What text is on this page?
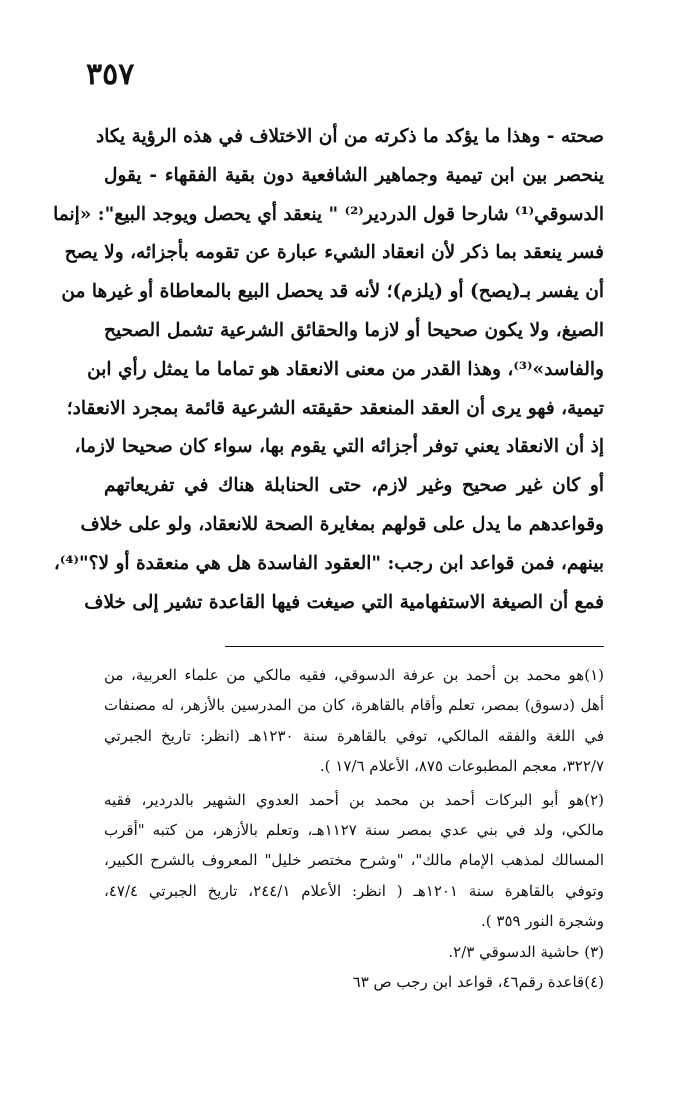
٣٥٧
صحته - وهذا ما يؤكد ما ذكرته من أن الاختلاف في هذه الرؤية يكاد
ينحصر بين ابن تيمية وجماهير الشافعية دون بقية الفقهاء - يقول
الدسوقي⁽¹⁾ شارحا قول الدردير⁽²⁾ " ينعقد أي يحصل ويوجد البيع": «إنما
فسر ينعقد بما ذكر لأن انعقاد الشيء عبارة عن تقومه بأجزائه، ولا يصح
أن يفسر بـ(يصح) أو (يلزم)؛ لأنه قد يحصل البيع بالمعاطاة أو غيرها من
الصيغ، ولا يكون صحيحا أو لازما والحقائق الشرعية تشمل الصحيح
والفاسد»⁽³⁾، وهذا القدر من معنى الانعقاد هو تماما ما يمثل رأي ابن
تيمية، فهو يرى أن العقد المنعقد حقيقته الشرعية قائمة بمجرد الانعقاد؛
إذ أن الانعقاد يعني توفر أجزائه التي يقوم بها، سواء كان صحيحا لازما،
أو كان غير صحيح وغير لازم، حتى الحنابلة هناك في تفريعاتهم
وقواعدهم ما يدل على قولهم بمغايرة الصحة للانعقاد، ولو على خلاف
بينهم، فمن قواعد ابن رجب: "العقود الفاسدة هل هي منعقدة أو لا؟"⁽⁴⁾،
فمع أن الصيغة الاستفهامية التي صيغت فيها القاعدة تشير إلى خلاف
(١)هو محمد بن أحمد بن عرفة الدسوقي، فقيه مالكي من علماء العربية، من
أهل (دسوق) بمصر، تعلم وأقام بالقاهرة، كان من المدرسين بالأزهر، له مصنفات
في اللغة والفقه المالكي، توفي بالقاهرة سنة ١٢٣٠هـ (انظر: تاريخ الجبرتي
٣٢٢/٧، معجم المطبوعات ٨٧٥، الأعلام ١٧/٦ ).
(٢)هو أبو البركات أحمد بن محمد بن أحمد العدوي الشهير بالدردير، فقيه
مالكي، ولد في بني عدي بمصر سنة ١١٢٧هـ، وتعلم بالأزهر، من كتبه "أقرب
المسالك لمذهب الإمام مالك"، "وشرح مختصر خليل" المعروف بالشرح الكبير،
وتوفي بالقاهرة سنة ١٢٠١هـ ( انظر: الأعلام ٢٤٤/١، تاريخ الجبرتي ٤٧/٤،
وشجرة النور ٣٥٩ ).
(٣) حاشية الدسوقي ٢/٣.
(٤)قاعدة رقم٤٦، قواعد ابن رجب ص ٦٣
